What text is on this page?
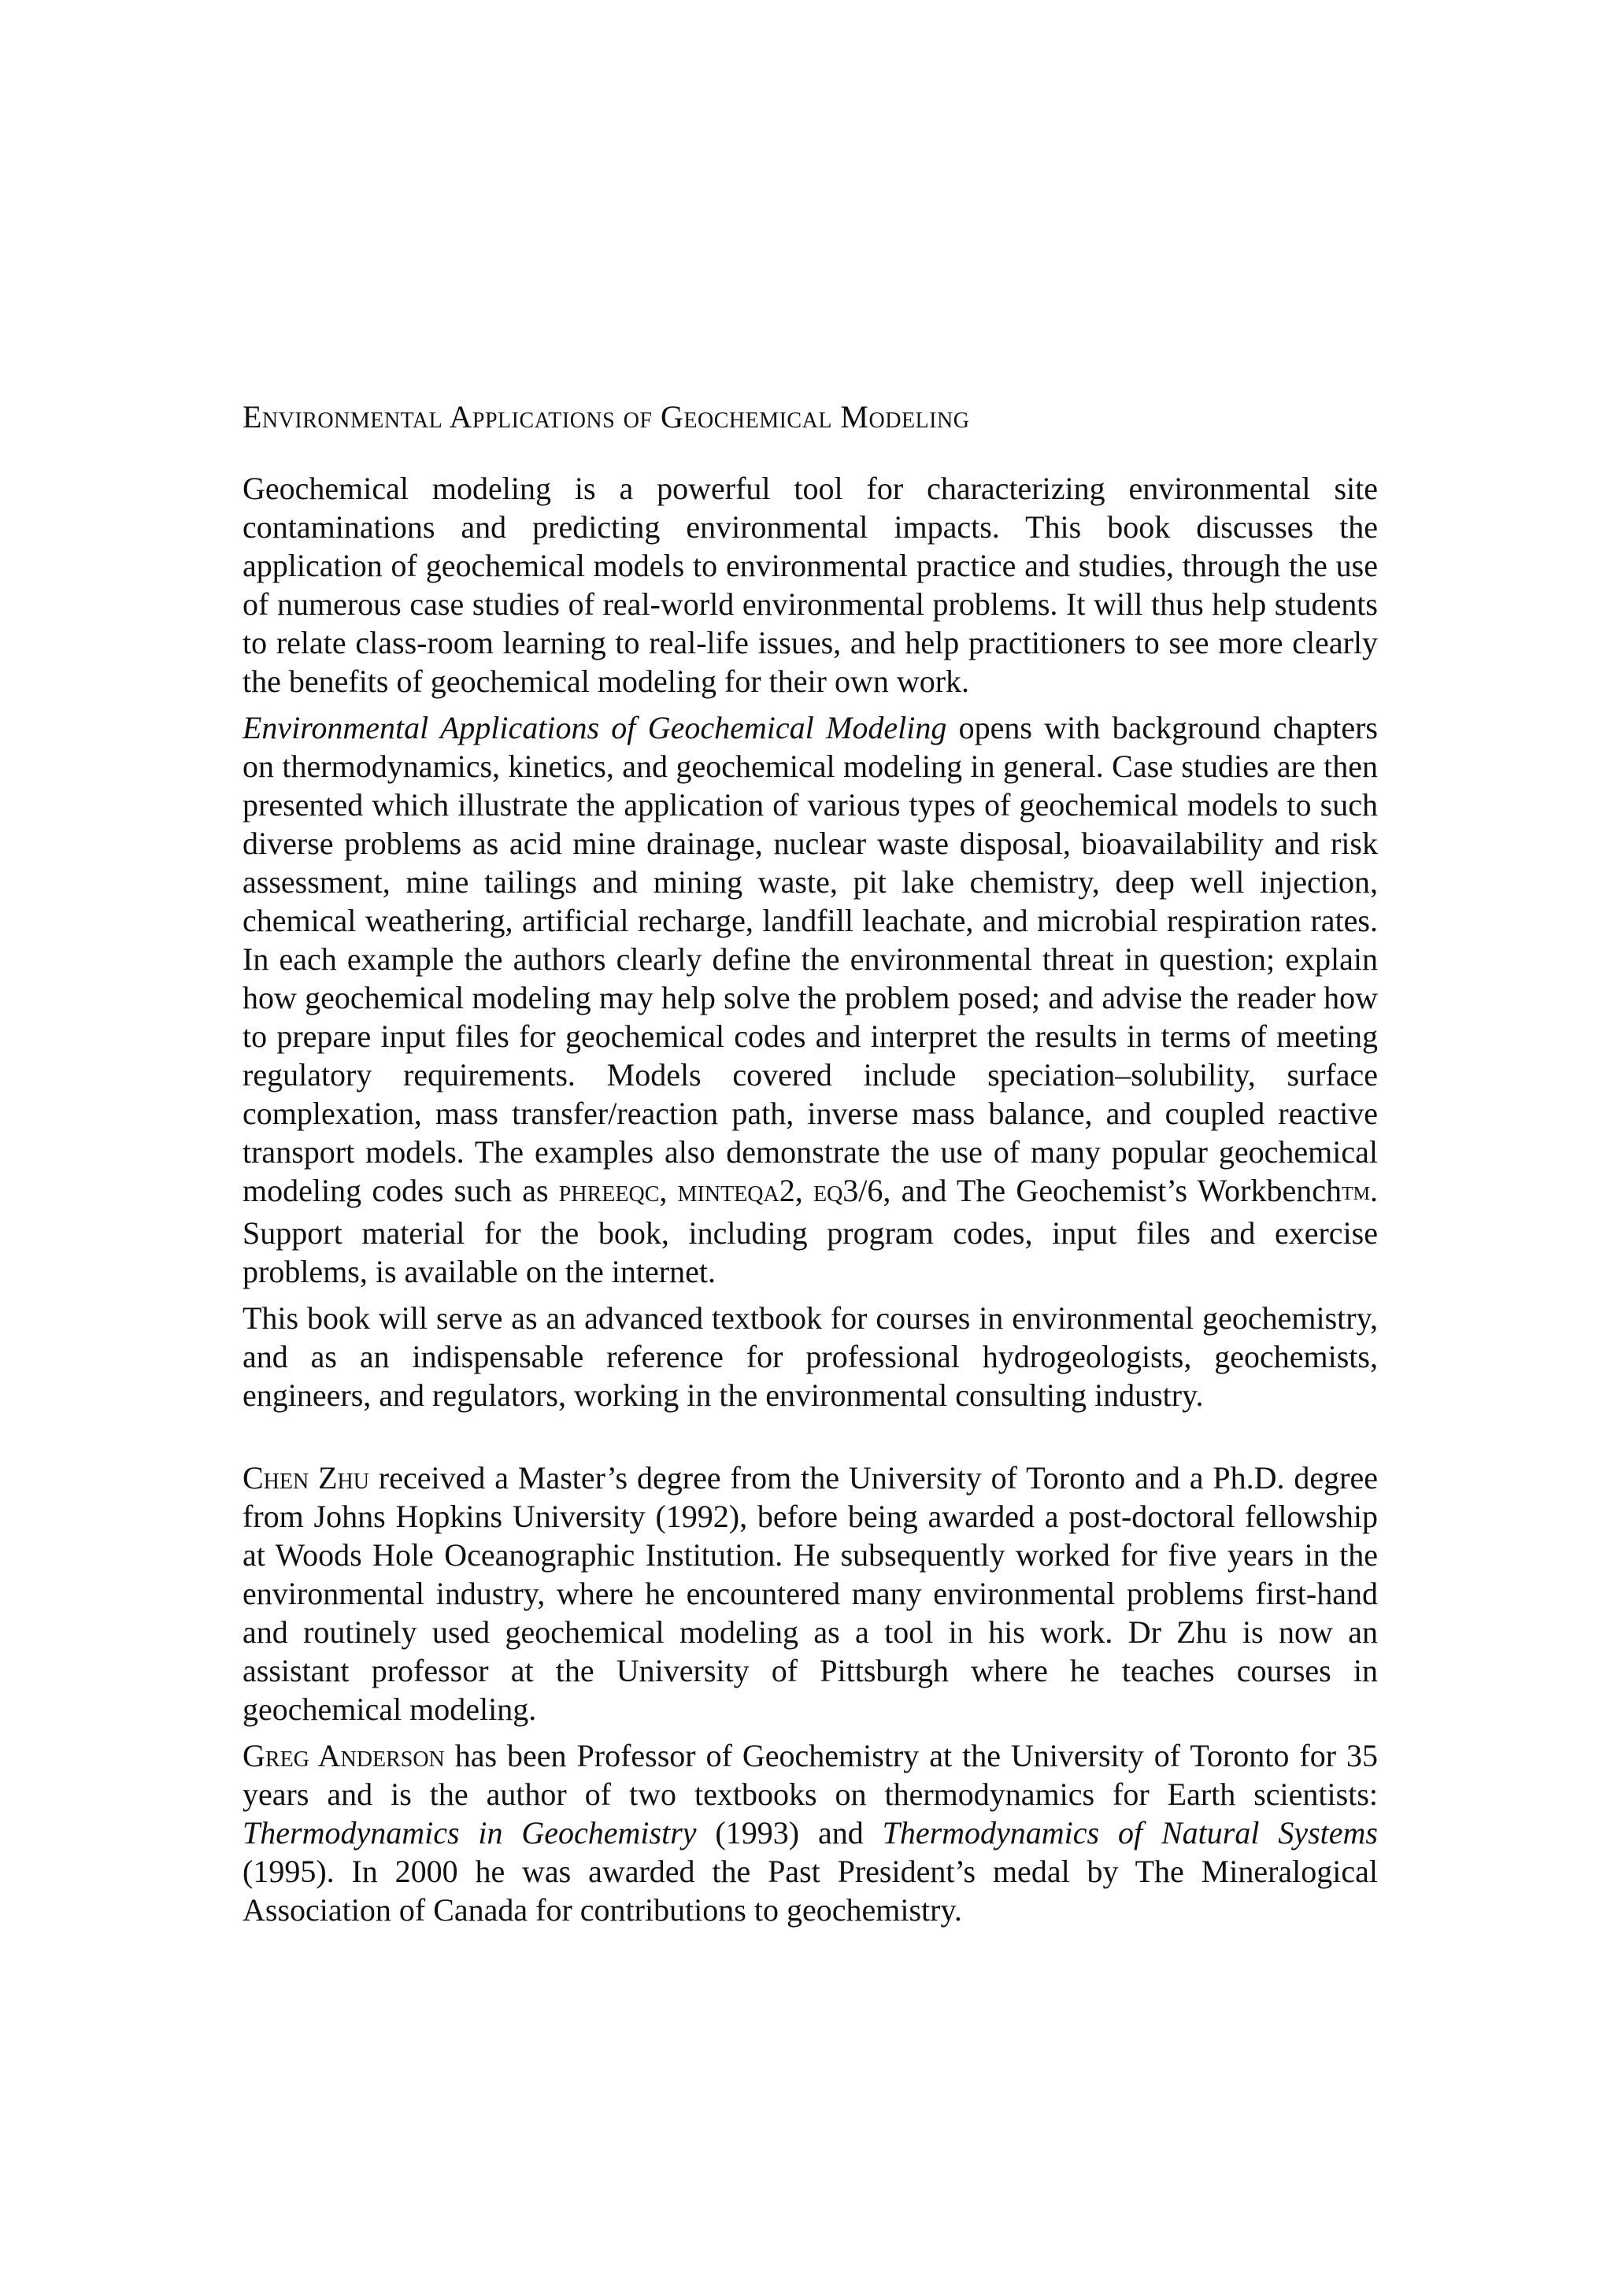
Environmental Applications of Geochemical Modeling

Geochemical modeling is a powerful tool for characterizing environmental site contaminations and predicting environmental impacts. This book discusses the application of geochemical models to environmental practice and studies, through the use of numerous case studies of real-world environmental problems. It will thus help students to relate class-room learning to real-life issues, and help practitioners to see more clearly the benefits of geochemical modeling for their own work.

Environmental Applications of Geochemical Modeling opens with background chapters on thermodynamics, kinetics, and geochemical modeling in general. Case studies are then presented which illustrate the application of various types of geochemical models to such diverse problems as acid mine drainage, nuclear waste disposal, bioavailability and risk assessment, mine tailings and mining waste, pit lake chemistry, deep well injection, chemical weathering, artificial recharge, landfill leachate, and microbial respiration rates. In each example the authors clearly define the environmental threat in question; explain how geochemical modeling may help solve the problem posed; and advise the reader how to prepare input files for geochemical codes and interpret the results in terms of meeting regulatory requirements. Models covered include speciation–solubility, surface complexation, mass transfer/reaction path, inverse mass balance, and coupled reactive transport models. The examples also demonstrate the use of many popular geochemical modeling codes such as phreeqc, minteqa2, eq3/6, and The Geochemist’s WorkbenchTM. Support material for the book, including program codes, input files and exercise problems, is available on the internet.

This book will serve as an advanced textbook for courses in environmental geochemistry, and as an indispensable reference for professional hydrogeologists, geochemists, engineers, and regulators, working in the environmental consulting industry.

Chen Zhu received a Master’s degree from the University of Toronto and a Ph.D. degree from Johns Hopkins University (1992), before being awarded a post-doctoral fellowship at Woods Hole Oceanographic Institution. He subsequently worked for five years in the environmental industry, where he encountered many environmental problems first-hand and routinely used geochemical modeling as a tool in his work. Dr Zhu is now an assistant professor at the University of Pittsburgh where he teaches courses in geochemical modeling.

Greg Anderson has been Professor of Geochemistry at the University of Toronto for 35 years and is the author of two textbooks on thermodynamics for Earth scientists: Thermodynamics in Geochemistry (1993) and Thermodynamics of Natural Systems (1995). In 2000 he was awarded the Past President’s medal by The Mineralogical Association of Canada for contributions to geochemistry.
